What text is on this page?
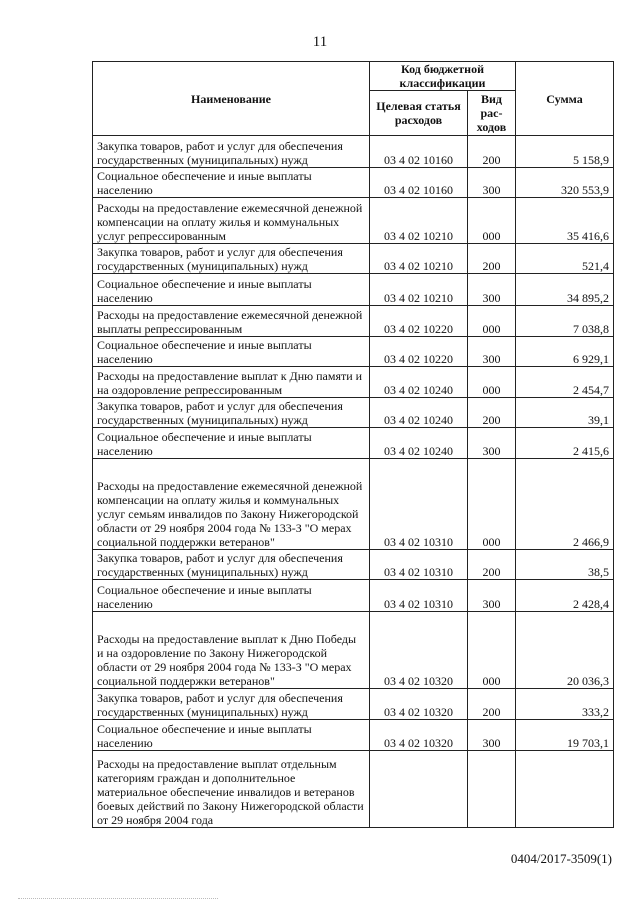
11
Наименование	Код бюджетной классификации		Сумма
	Целевая статья расходов	Вид рас- ходов	
Закупка товаров, работ и услуг для обеспечения государственных (муниципальных) нужд	03 4 02 10160	200	5 158,9
Социальное обеспечение и иные выплаты населению	03 4 02 10160	300	320 553,9
Расходы на предоставление ежемесячной денежной компенсации на оплату жилья и коммунальных услуг репрессированным	03 4 02 10210	000	35 416,6
Закупка товаров, работ и услуг для обеспечения государственных (муниципальных) нужд	03 4 02 10210	200	521,4
Социальное обеспечение и иные выплаты населению	03 4 02 10210	300	34 895,2
Расходы на предоставление ежемесячной денежной выплаты репрессированным	03 4 02 10220	000	7 038,8
Социальное обеспечение и иные выплаты населению	03 4 02 10220	300	6 929,1
Расходы на предоставление выплат к Дню памяти и на оздоровление репрессированным	03 4 02 10240	000	2 454,7
Закупка товаров, работ и услуг для обеспечения государственных (муниципальных) нужд	03 4 02 10240	200	39,1
Социальное обеспечение и иные выплаты населению	03 4 02 10240	300	2 415,6
Расходы на предоставление ежемесячной денежной компенсации на оплату жилья и коммунальных услуг семьям инвалидов по Закону Нижегородской области от 29 ноября 2004 года № 133-З "О мерах социальной поддержки ветеранов"	03 4 02 10310	000	2 466,9
Закупка товаров, работ и услуг для обеспечения государственных (муниципальных) нужд	03 4 02 10310	200	38,5
Социальное обеспечение и иные выплаты населению	03 4 02 10310	300	2 428,4
Расходы на предоставление выплат к Дню Победы и на оздоровление по Закону Нижегородской области от 29 ноября 2004 года № 133-З "О мерах социальной поддержки ветеранов"	03 4 02 10320	000	20 036,3
Закупка товаров, работ и услуг для обеспечения государственных (муниципальных) нужд	03 4 02 10320	200	333,2
Социальное обеспечение и иные выплаты населению	03 4 02 10320	300	19 703,1
Расходы на предоставление выплат отдельным категориям граждан и дополнительное материальное обеспечение инвалидов и ветеранов боевых действий по Закону Нижегородской области от 29 ноября 2004 года			
0404/2017-3509(1)
